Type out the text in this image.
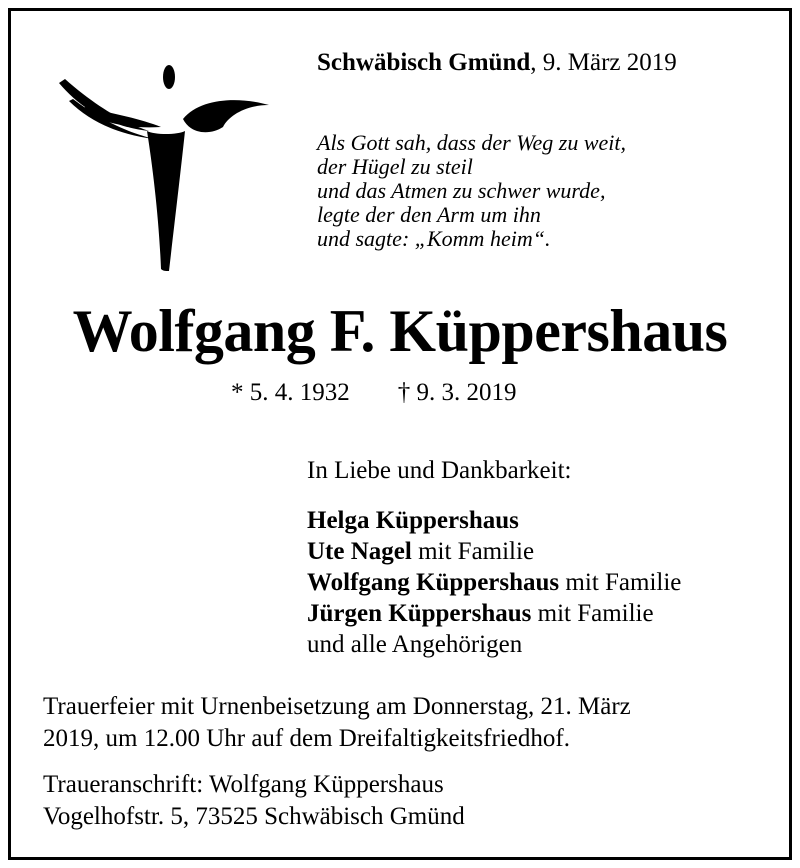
Schwäbisch Gmünd, 9. März 2019
Als Gott sah, dass der Weg zu weit,
der Hügel zu steil
und das Atmen zu schwer wurde,
legte der den Arm um ihn
und sagte: „Komm heim“.
Wolfgang F. Küppershaus
* 5. 4. 1932 † 9. 3. 2019
In Liebe und Dankbarkeit:
Helga Küppershaus
Ute Nagel mit Familie
Wolfgang Küppershaus mit Familie
Jürgen Küppershaus mit Familie
und alle Angehörigen
Trauerfeier mit Urnenbeisetzung am Donnerstag, 21. März
2019, um 12.00 Uhr auf dem Dreifaltigkeitsfriedhof.
Traueranschrift: Wolfgang Küppershaus
Vogelhofstr. 5, 73525 Schwäbisch Gmünd
